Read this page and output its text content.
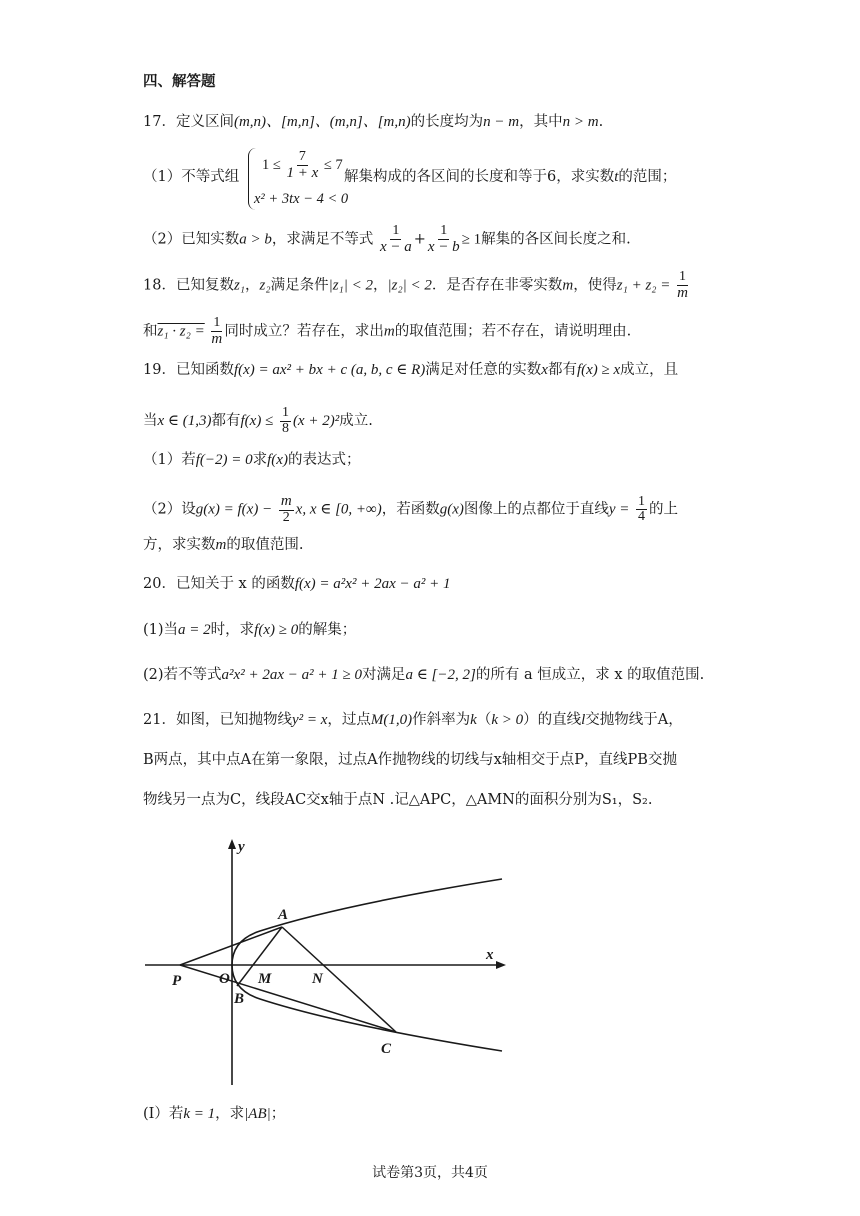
四、解答题
17．定义区间(m,n)、[m,n]、(m,n]、[m,n)的长度均为n − m，其中n > m.
（1）不等式组
$1 \le \frac{7}{1 + x} \le 7$
x² + 3tx − 4 < 0
解集构成的各区间的长度和等于6，求实数t的范围；
（2）已知实数a > b，求满足不等式 $\frac{1}{x - a} + \frac{1}{x - b} \ge 1$解集的各区间长度之和.
18．已知复数z₁，z₂满足条件|z₁| < 2，|z₂| < 2．是否存在非零实数m，使得$z_1 + z_2 = \frac{1}{m}$
和$z_1 \cdot z_2 = \frac{1}{m}$ 同时成立？若存在，求出m的取值范围；若不存在，请说明理由.
19．已知函数f(x) = ax² + bx + c (a, b, c ∈ R)满足对任意的实数x都有f(x) ≥ x成立，且
当x ∈ (1,3)都有$f(x) \le \frac{1}{8} (x + 2)^2$成立.
（1）若f(−2) = 0求f(x)的表达式；
（2）设$g(x) = f(x) - \frac{m}{2} x$, x ∈ [0, +∞)，若函数g(x)图像上的点都位于直线$y = \frac{1}{4}$ 的上
方，求实数m的取值范围.
20．已知关于 x 的函数f(x) = a²x² + 2ax − a² + 1
(1)当a = 2时，求f(x) ≥ 0的解集；
(2)若不等式a²x² + 2ax − a² + 1 ≥ 0对满足a ∈ [−2, 2]的所有 a 恒成立，求 x 的取值范围.
21．如图，已知抛物线y² = x，过点M(1,0)作斜率为k（k > 0）的直线l交抛物线于A，
B两点，其中点A在第一象限，过点A作抛物线的切线与x轴相交于点P，直线PB交抛
物线另一点为C，线段AC交x轴于点N .记△APC，△AMN的面积分别为S₁，S₂.
y
x
A
P	O M	N
B
C
(I）若k = 1，求|AB|；
试卷第3页，共4页
